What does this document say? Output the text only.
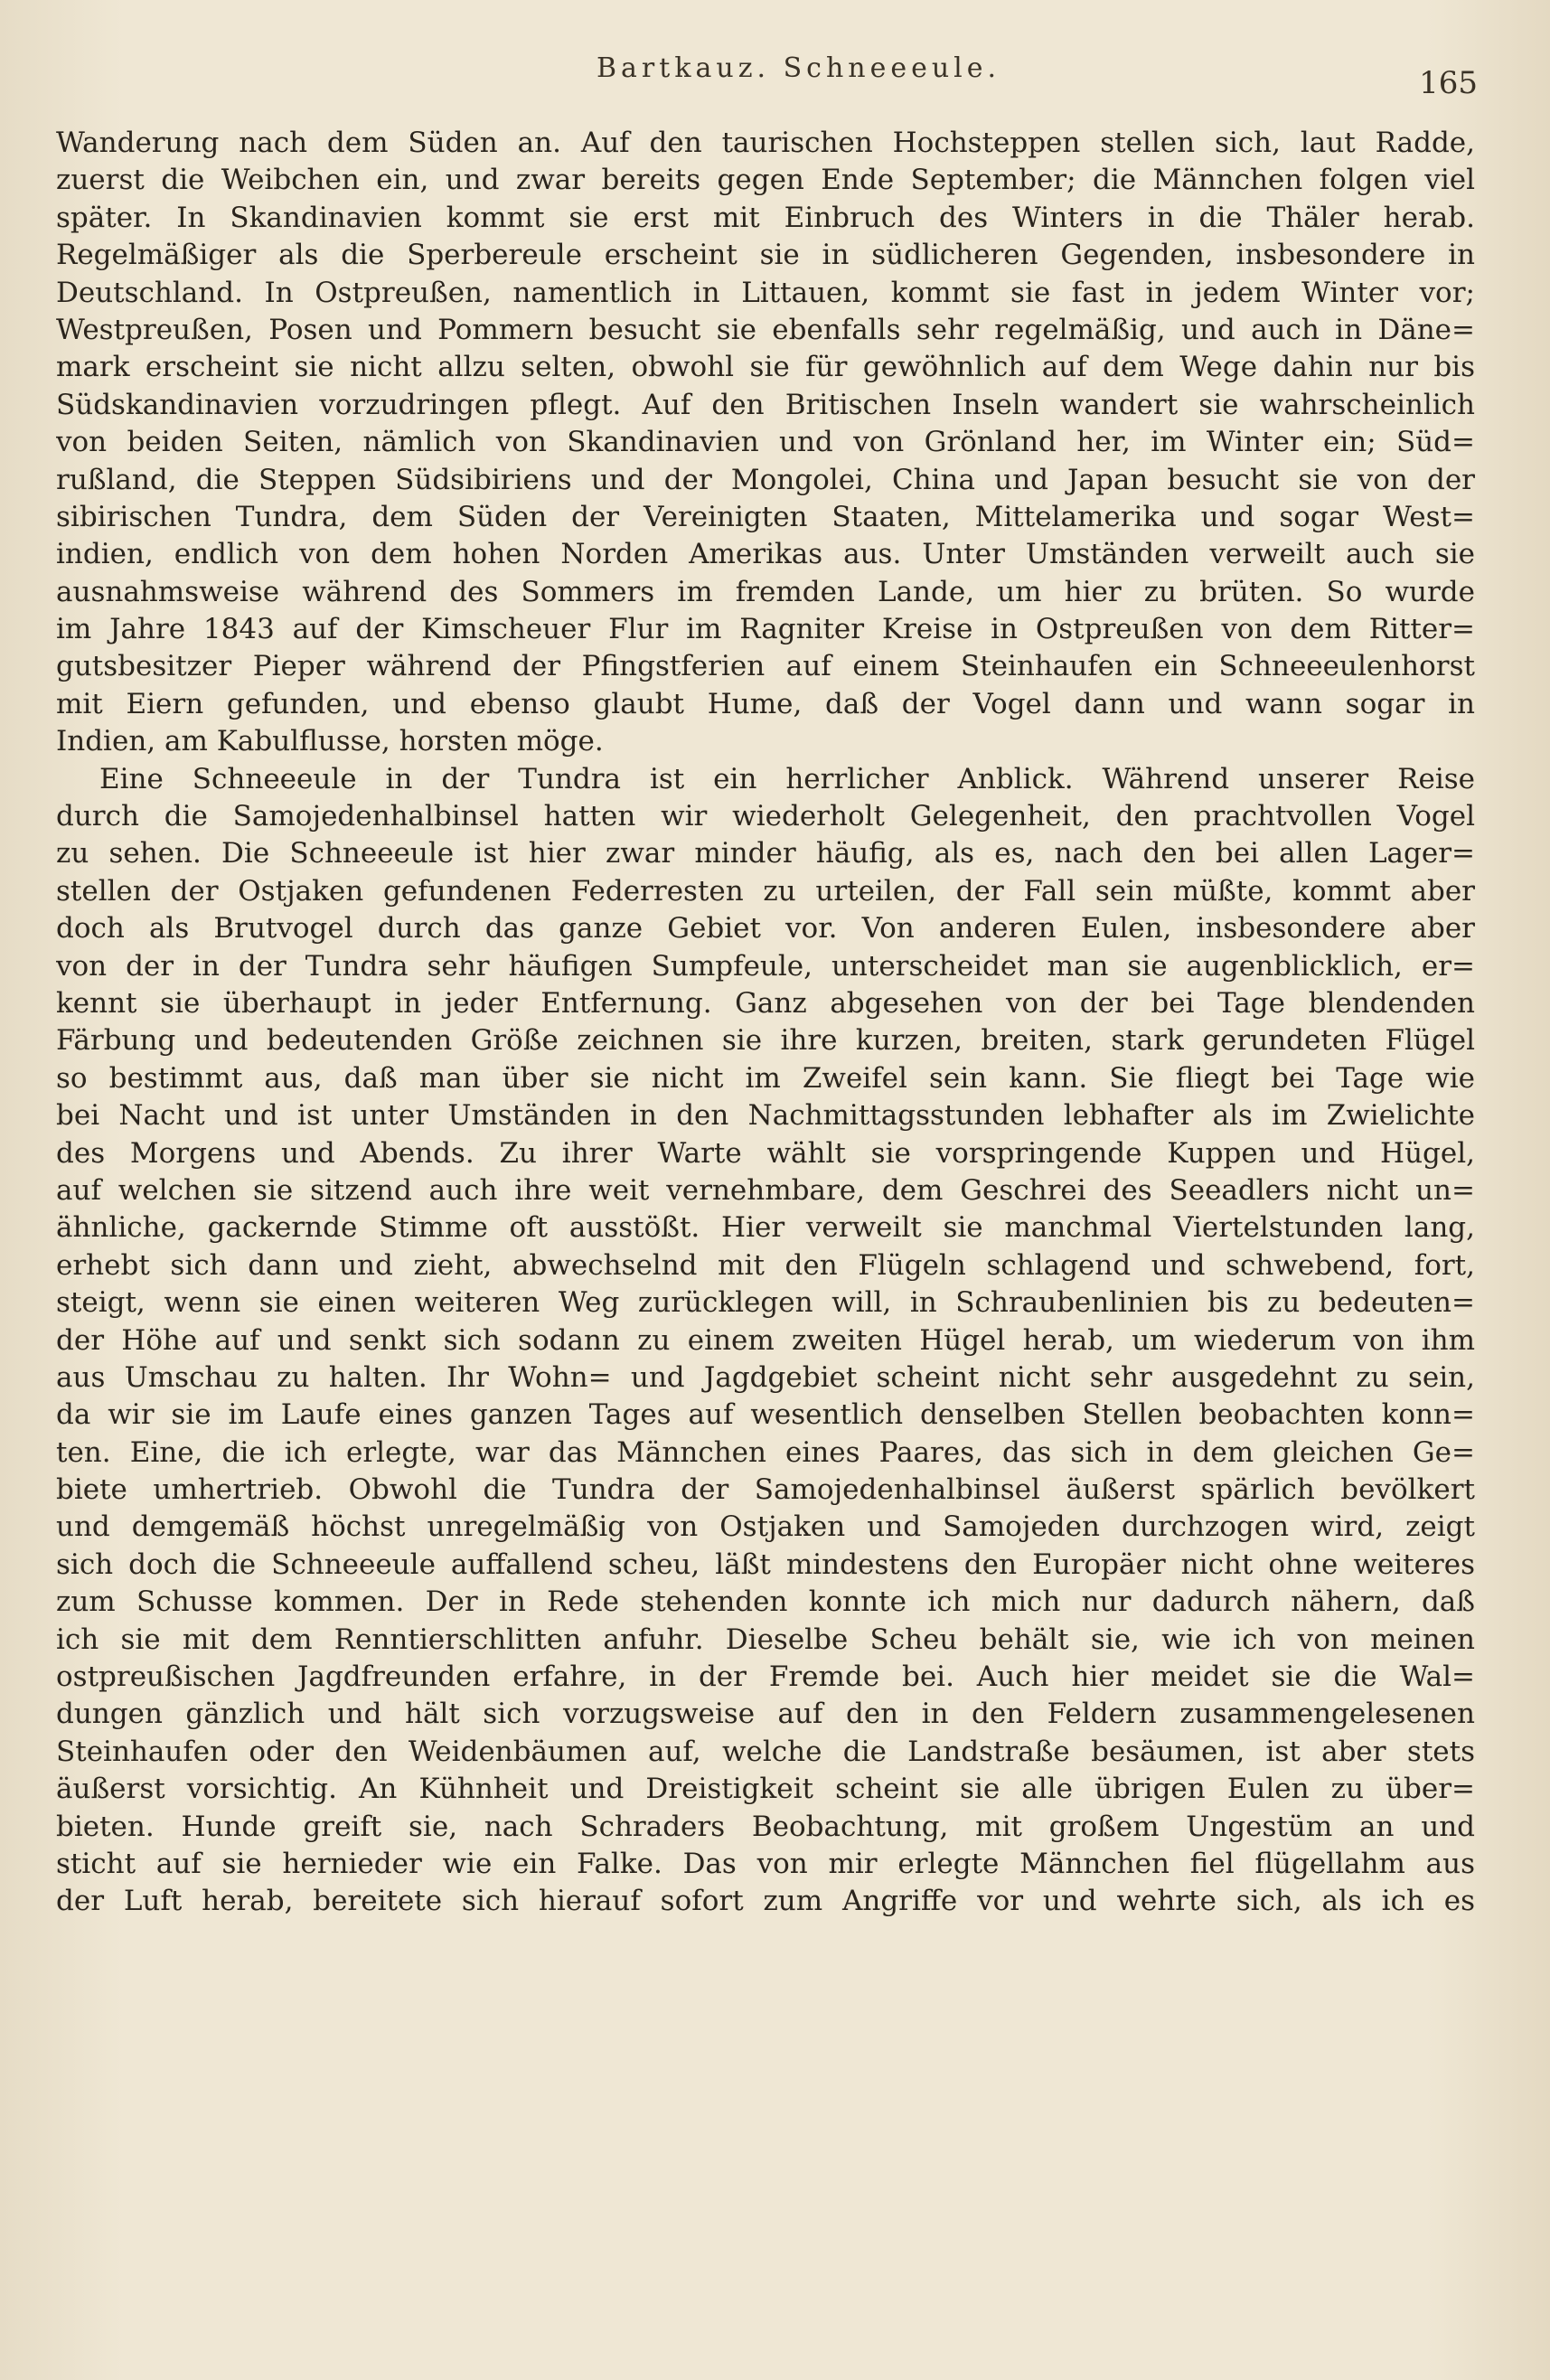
Bartkauz. Schneeeule.	165
Wanderung nach dem Süden an. Auf den taurischen Hochsteppen stellen sich, laut Radde,
zuerst die Weibchen ein, und zwar bereits gegen Ende September; die Männchen folgen viel
später. In Skandinavien kommt sie erst mit Einbruch des Winters in die Thäler herab.
Regelmäßiger als die Sperbereule erscheint sie in südlicheren Gegenden, insbesondere in
Deutschland. In Ostpreußen, namentlich in Littauen, kommt sie fast in jedem Winter vor;
Westpreußen, Posen und Pommern besucht sie ebenfalls sehr regelmäßig, und auch in Däne=
mark erscheint sie nicht allzu selten, obwohl sie für gewöhnlich auf dem Wege dahin nur bis
Südskandinavien vorzudringen pflegt. Auf den Britischen Inseln wandert sie wahrscheinlich
von beiden Seiten, nämlich von Skandinavien und von Grönland her, im Winter ein; Süd=
rußland, die Steppen Südsibiriens und der Mongolei, China und Japan besucht sie von der
sibirischen Tundra, dem Süden der Vereinigten Staaten, Mittelamerika und sogar West=
indien, endlich von dem hohen Norden Amerikas aus. Unter Umständen verweilt auch sie
ausnahmsweise während des Sommers im fremden Lande, um hier zu brüten. So wurde
im Jahre 1843 auf der Kimscheuer Flur im Ragniter Kreise in Ostpreußen von dem Ritter=
gutsbesitzer Pieper während der Pfingstferien auf einem Steinhaufen ein Schneeeulenhorst
mit Eiern gefunden, und ebenso glaubt Hume, daß der Vogel dann und wann sogar in
Indien, am Kabulflusse, horsten möge.
Eine Schneeeule in der Tundra ist ein herrlicher Anblick. Während unserer Reise
durch die Samojedenhalbinsel hatten wir wiederholt Gelegenheit, den prachtvollen Vogel
zu sehen. Die Schneeeule ist hier zwar minder häufig, als es, nach den bei allen Lager=
stellen der Ostjaken gefundenen Federresten zu urteilen, der Fall sein müßte, kommt aber
doch als Brutvogel durch das ganze Gebiet vor. Von anderen Eulen, insbesondere aber
von der in der Tundra sehr häufigen Sumpfeule, unterscheidet man sie augenblicklich, er=
kennt sie überhaupt in jeder Entfernung. Ganz abgesehen von der bei Tage blendenden
Färbung und bedeutenden Größe zeichnen sie ihre kurzen, breiten, stark gerundeten Flügel
so bestimmt aus, daß man über sie nicht im Zweifel sein kann. Sie fliegt bei Tage wie
bei Nacht und ist unter Umständen in den Nachmittagsstunden lebhafter als im Zwielichte
des Morgens und Abends. Zu ihrer Warte wählt sie vorspringende Kuppen und Hügel,
auf welchen sie sitzend auch ihre weit vernehmbare, dem Geschrei des Seeadlers nicht un=
ähnliche, gackernde Stimme oft ausstößt. Hier verweilt sie manchmal Viertelstunden lang,
erhebt sich dann und zieht, abwechselnd mit den Flügeln schlagend und schwebend, fort,
steigt, wenn sie einen weiteren Weg zurücklegen will, in Schraubenlinien bis zu bedeuten=
der Höhe auf und senkt sich sodann zu einem zweiten Hügel herab, um wiederum von ihm
aus Umschau zu halten. Ihr Wohn= und Jagdgebiet scheint nicht sehr ausgedehnt zu sein,
da wir sie im Laufe eines ganzen Tages auf wesentlich denselben Stellen beobachten konn=
ten. Eine, die ich erlegte, war das Männchen eines Paares, das sich in dem gleichen Ge=
biete umhertrieb. Obwohl die Tundra der Samojedenhalbinsel äußerst spärlich bevölkert
und demgemäß höchst unregelmäßig von Ostjaken und Samojeden durchzogen wird, zeigt
sich doch die Schneeeule auffallend scheu, läßt mindestens den Europäer nicht ohne weiteres
zum Schusse kommen. Der in Rede stehenden konnte ich mich nur dadurch nähern, daß
ich sie mit dem Renntierschlitten anfuhr. Dieselbe Scheu behält sie, wie ich von meinen
ostpreußischen Jagdfreunden erfahre, in der Fremde bei. Auch hier meidet sie die Wal=
dungen gänzlich und hält sich vorzugsweise auf den in den Feldern zusammengelesenen
Steinhaufen oder den Weidenbäumen auf, welche die Landstraße besäumen, ist aber stets
äußerst vorsichtig. An Kühnheit und Dreistigkeit scheint sie alle übrigen Eulen zu über=
bieten. Hunde greift sie, nach Schraders Beobachtung, mit großem Ungestüm an und
sticht auf sie hernieder wie ein Falke. Das von mir erlegte Männchen fiel flügellahm aus
der Luft herab, bereitete sich hierauf sofort zum Angriffe vor und wehrte sich, als ich es
